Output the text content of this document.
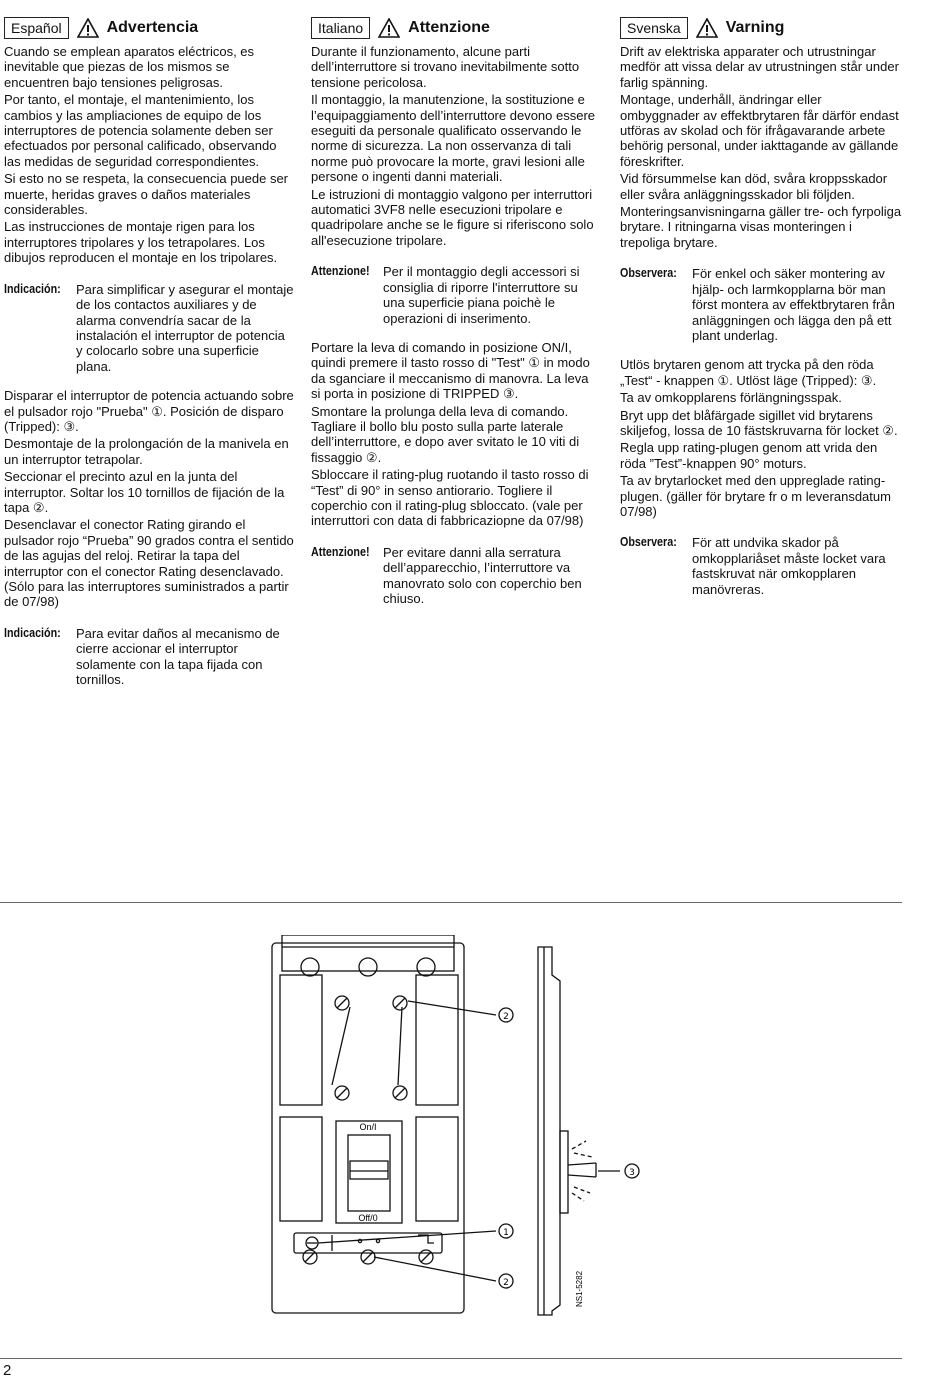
Español	Advertencia

Cuando se emplean aparatos eléctricos, es inevitable que piezas de los mismos se encuentren bajo tensiones peligrosas.

Por tanto, el montaje, el mantenimiento, los cambios y las ampliaciones de equipo de los interruptores de potencia solamente deben ser efectuados por personal calificado, observando las medidas de seguridad correspondientes.

Si esto no se respeta, la consecuencia puede ser muerte, heridas graves o daños materiales considerables.

Las instrucciones de montaje rigen para los interruptores tripolares y los tetrapolares. Los dibujos reproducen el montaje en los tripolares.

Indicación:	Para simplificar y asegurar el montaje de los contactos auxiliares y de alarma convendría sacar de la instalación el interruptor de potencia y colocarlo sobre una superficie plana.

Disparar el interruptor de potencia actuando sobre el pulsador rojo "Prueba" ①. Posición de disparo (Tripped): ③.

Desmontaje de la prolongación de la manivela en un interruptor tetrapolar.

Seccionar el precinto azul en la junta del interruptor. Soltar los 10 tornillos de fijación de la tapa ②.

Desenclavar el conector Rating girando el pulsador rojo “Prueba” 90 grados contra el sentido de las agujas del reloj. Retirar la tapa del interruptor con el conector Rating desenclavado. (Sólo para las interruptores suministrados a partir de 07/98)

Indicación:	Para evitar daños al mecanismo de cierre accionar el interruptor solamente con la tapa fijada con tornillos.
Italiano	Attenzione

Durante il funzionamento, alcune parti dell’interruttore si trovano inevitabilmente sotto tensione pericolosa.

Il montaggio, la manutenzione, la sostituzione e l’equipaggiamento dell’interruttore devono essere eseguiti da personale qualificato osservando le norme di sicurezza. La non osservanza di tali norme può provocare la morte, gravi lesioni alle persone o ingenti danni materiali.

Le istruzioni di montaggio valgono per interruttori automatici 3VF8 nelle esecuzioni tripolare e quadripolare anche se le figure si riferiscono solo all'esecuzione tripolare.

Attenzione! Per il montaggio degli accessori si consiglia di riporre l'interruttore su una superficie piana poichè le operazioni di inserimento.

Portare la leva di comando in posizione ON/I, quindi premere il tasto rosso di "Test" ① in modo da sganciare il meccanismo di manovra. La leva si porta in posizione di TRIPPED ③.

Smontare la prolunga della leva di comando. Tagliare il bollo blu posto sulla parte laterale dell’interruttore, e dopo aver svitato le 10 viti di fissaggio ②.

Sbloccare il rating-plug ruotando il tasto rosso di “Test” di 90° in senso antiorario. Togliere il coperchio con il rating-plug sbloccato. (vale per interruttori con data di fabbricaziopne da 07/98)

Attenzione! Per evitare danni alla serratura dell’apparecchio, l’interruttore va manovrato solo con coperchio ben chiuso.
Svenska	Varning

Drift av elektriska apparater och utrustningar medför att vissa delar av utrustningen står under farlig spänning.

Montage, underhåll, ändringar eller ombyggnader av effektbrytaren får därför endast utföras av skolad och för ifrågavarande arbete behörig personal, under iakttagande av gällande föreskrifter.

Vid försummelse kan död, svåra kroppsskador eller svåra anläggningsskador bli följden.

Monteringsanvisningarna gäller tre- och fyrpoliga brytare. I ritningarna visas monteringen i trepoliga brytare.

Observera:	För enkel och säker montering av hjälp- och larmkopplarna bör man först montera av effektbrytaren från anläggningen och lägga den på ett plant underlag.

Utlös brytaren genom att trycka på den röda „Test“ - knappen ①. Utlöst läge (Tripped): ③.

Ta av omkopplarens förlängningsspak.

Bryt upp det blåfärgade sigillet vid brytarens skiljefog, lossa de 10 fästskruvarna för locket ②.

Regla upp rating-plugen genom att vrida den röda ”Test”-knappen 90° moturs.

Ta av brytarlocket med den uppreglade rating-plugen. (gäller för brytare fr o m leveransdatum 07/98)

Observera:	För att undvika skador på omkopplariåset måste locket vara fastskruvat när omkopplaren manövreras.
On/I
Off/0
2
1
2
3
NS1-5282
2
